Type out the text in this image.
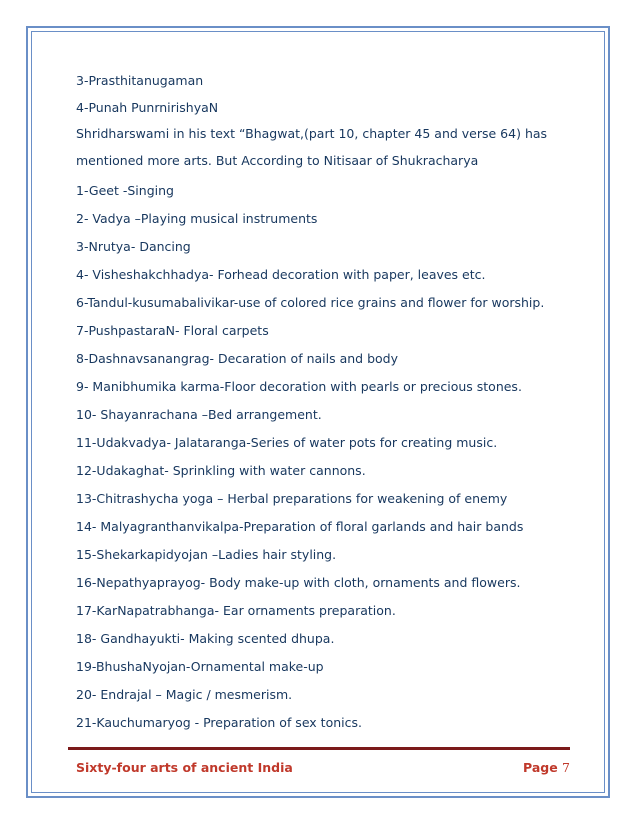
3-Prasthitanugaman

4-Punah PunrnirishyaN

Shridharswami in his text “Bhagwat,(part 10, chapter 45 and verse 64) has

mentioned more arts. But According to Nitisaar of Shukracharya

1-Geet -Singing

2- Vadya –Playing musical instruments

3-Nrutya- Dancing

4- Visheshakchhadya- Forhead decoration with paper, leaves etc.

6-Tandul-kusumabalivikar-use of colored rice grains and flower for worship.

7-PushpastaraN- Floral carpets

8-Dashnavsanangrag- Decaration of nails and body

9- Manibhumika karma-Floor decoration with pearls or precious stones.

10- Shayanrachana –Bed arrangement.

11-Udakvadya- Jalataranga-Series of water pots for creating music.

12-Udakaghat- Sprinkling with water cannons.

13-Chitrashycha yoga – Herbal preparations for weakening of enemy

14- Malyagranthanvikalpa-Preparation of floral garlands and hair bands

15-Shekarkapidyojan –Ladies hair styling.

16-Nepathyaprayog- Body make-up with cloth, ornaments and flowers.

17-KarNapatrabhanga- Ear ornaments preparation.

18- Gandhayukti- Making scented dhupa.

19-BhushaNyojan-Ornamental make-up

20- Endrajal – Magic / mesmerism.

21-Kauchumaryog - Preparation of sex tonics.

Sixty-four arts of ancient India	Page 7
